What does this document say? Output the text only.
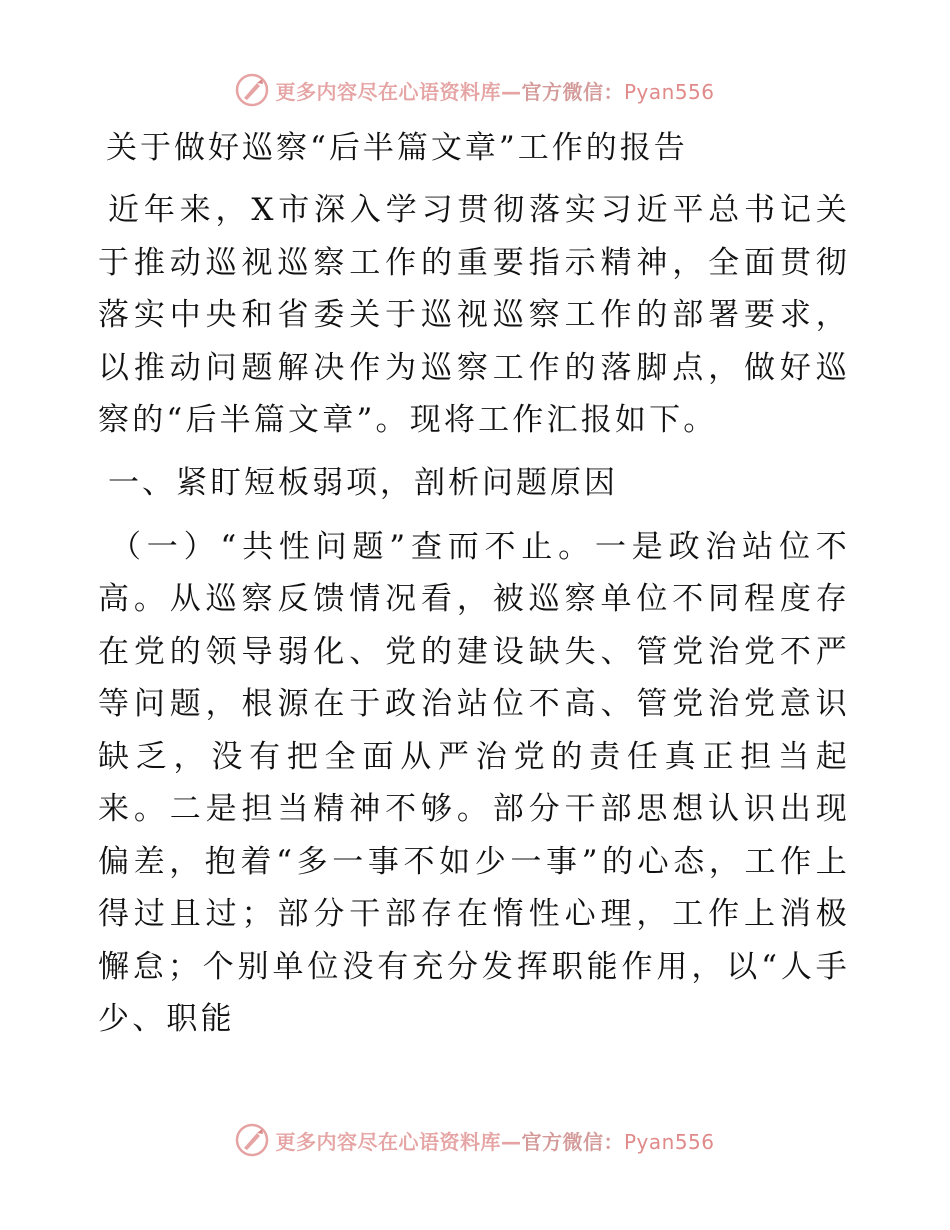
更多内容尽在心语资料库—官方微信：Pyan556
关于做好巡察“后半篇文章”工作的报告

近年来，X市深入学习贯彻落实习近平总书记关于推动巡视巡察工作的重要指示精神，全面贯彻落实中央和省委关于巡视巡察工作的部署要求，以推动问题解决作为巡察工作的落脚点，做好巡察的“后半篇文章”。现将工作汇报如下。

一、紧盯短板弱项，剖析问题原因

（一）“共性问题”查而不止。一是政治站位不高。从巡察反馈情况看，被巡察单位不同程度存在党的领导弱化、党的建设缺失、管党治党不严等问题，根源在于政治站位不高、管党治党意识缺乏，没有把全面从严治党的责任真正担当起来。二是担当精神不够。部分干部思想认识出现偏差，抱着“多一事不如少一事”的心态，工作上得过且过；部分干部存在惰性心理，工作上消极懈怠；个别单位没有充分发挥职能作用，以“人手少、职能

更多内容尽在心语资料库—官方微信：Pyan556
